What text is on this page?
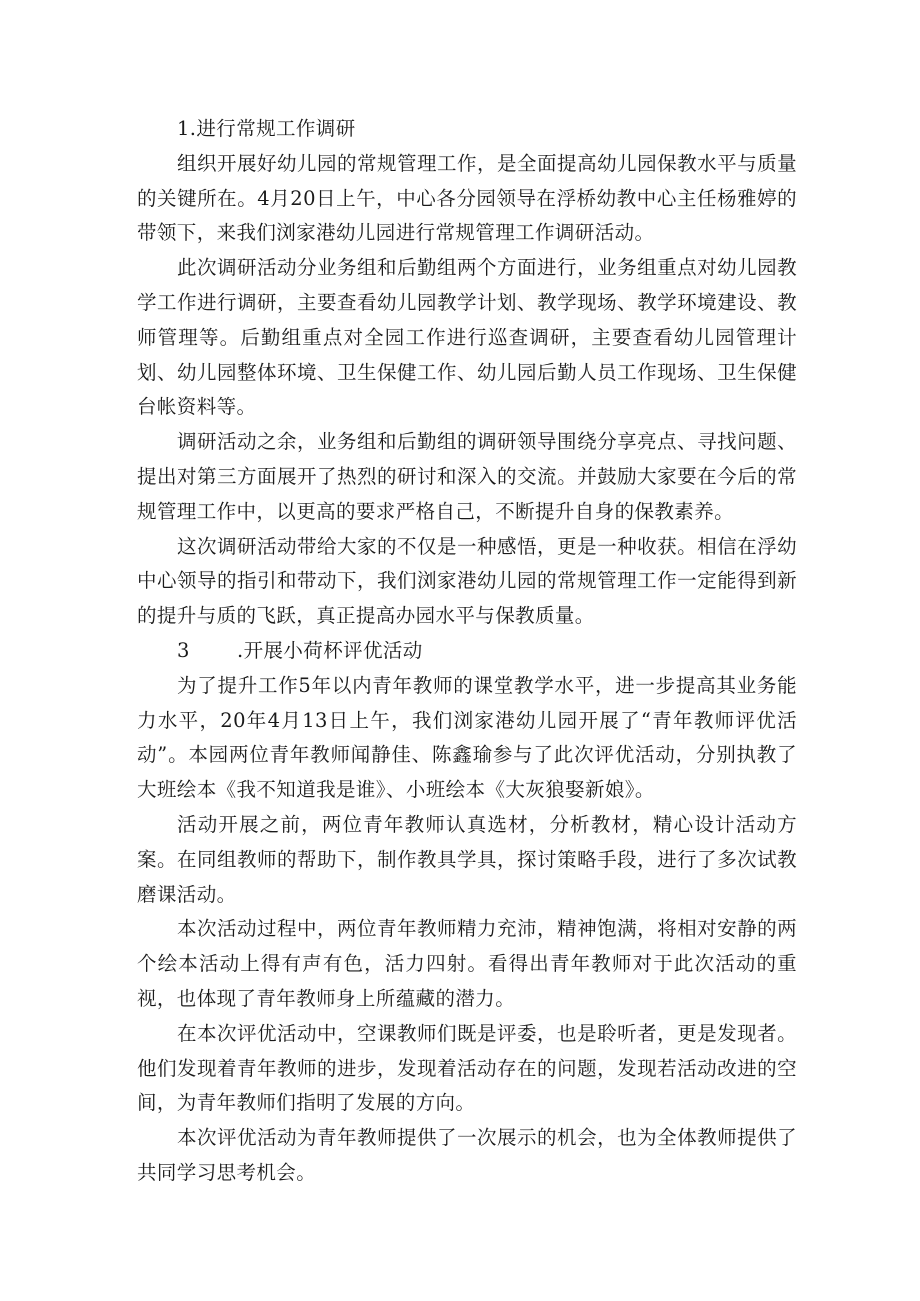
1.进行常规工作调研

组织开展好幼儿园的常规管理工作，是全面提高幼儿园保教水平与质量的关键所在。4月20日上午，中心各分园领导在浮桥幼教中心主任杨雅婷的带领下，来我们浏家港幼儿园进行常规管理工作调研活动。

此次调研活动分业务组和后勤组两个方面进行，业务组重点对幼儿园教学工作进行调研，主要查看幼儿园教学计划、教学现场、教学环境建设、教师管理等。后勤组重点对全园工作进行巡查调研，主要查看幼儿园管理计划、幼儿园整体环境、卫生保健工作、幼儿园后勤人员工作现场、卫生保健台帐资料等。

调研活动之余，业务组和后勤组的调研领导围绕分享亮点、寻找问题、提出对第三方面展开了热烈的研讨和深入的交流。并鼓励大家要在今后的常规管理工作中，以更高的要求严格自己，不断提升自身的保教素养。

这次调研活动带给大家的不仅是一种感悟，更是一种收获。相信在浮幼中心领导的指引和带动下，我们浏家港幼儿园的常规管理工作一定能得到新的提升与质的飞跃，真正提高办园水平与保教质量。

3 .开展小荷杯评优活动

为了提升工作5年以内青年教师的课堂教学水平，进一步提高其业务能力水平，20年4月13日上午，我们浏家港幼儿园开展了“青年教师评优活动”。本园两位青年教师闻静佳、陈鑫瑜参与了此次评优活动，分别执教了大班绘本《我不知道我是谁》、小班绘本《大灰狼娶新娘》。

活动开展之前，两位青年教师认真选材，分析教材，精心设计活动方案。在同组教师的帮助下，制作教具学具，探讨策略手段，进行了多次试教磨课活动。

本次活动过程中，两位青年教师精力充沛，精神饱满，将相对安静的两个绘本活动上得有声有色，活力四射。看得出青年教师对于此次活动的重视，也体现了青年教师身上所蕴藏的潜力。

在本次评优活动中，空课教师们既是评委，也是聆听者，更是发现者。他们发现着青年教师的进步，发现着活动存在的问题，发现若活动改进的空间，为青年教师们指明了发展的方向。

本次评优活动为青年教师提供了一次展示的机会，也为全体教师提供了共同学习思考机会。
